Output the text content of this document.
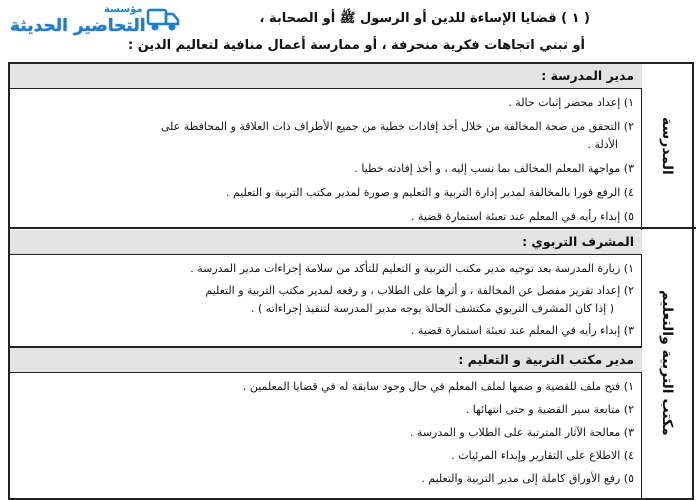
( ١ ) قضايا الإساءة للدين أو الرسول ﷺ أو الصحابة ،
أو تبني اتجاهات فكرية منحرفة ، أو ممارسة أعمال منافية لتعاليم الدين :
مؤسسة
التحاضير الحديثة
المدرسة
مكتب التربية والتعليم
مدير المدرسة :
١) إعداد محضر إثبات حالة .
٢) التحقق من صحة المخالفة من خلال أخذ إفادات خطية من جميع الأطراف ذات العلاقة و المحافظة على
الأدلة .
٣) مواجهة المعلم المخالف بما نسب إليه ، و أخذ إفادته خطيا .
٤) الرفع فورا بالمخالفة لمدير إدارة التربية و التعليم و صورة لمدير مكتب التربية و التعليم .
٥) إبداء رأيه في المعلم عند تعبئة استمارة قضية .
المشرف التربوي :
١) زيارة المدرسة بعد توجيه مدير مكتب التربية و التعليم للتأكد من سلامة إجراءات مدير المدرسة .
٢) إعداد تقرير مفصل عن المخالفة ، و أثرها على الطلاب ، و رفعه لمدير مكتب التربية و التعليم
( إذا كان المشرف التربوي مكتشف الحالة يوجه مدير المدرسة لتنفيذ إجراءاته ) .
٣) إبداء رأيه في المعلم عند تعبئة استمارة قضية .
مدير مكتب التربية و التعليم :
١) فتح ملف للقضية و ضمها لملف المعلم في حال وجود سابقة له في قضايا المعلمين .
٢) متابعة سير القضية و حتى انتهائها .
٣) معالجة الآثار المترتبة على الطلاب و المدرسة .
٤) الاطلاع على التقارير وإبداء المرئيات .
٥) رفع الأوراق كاملة إلى مدير التربية والتعليم .
